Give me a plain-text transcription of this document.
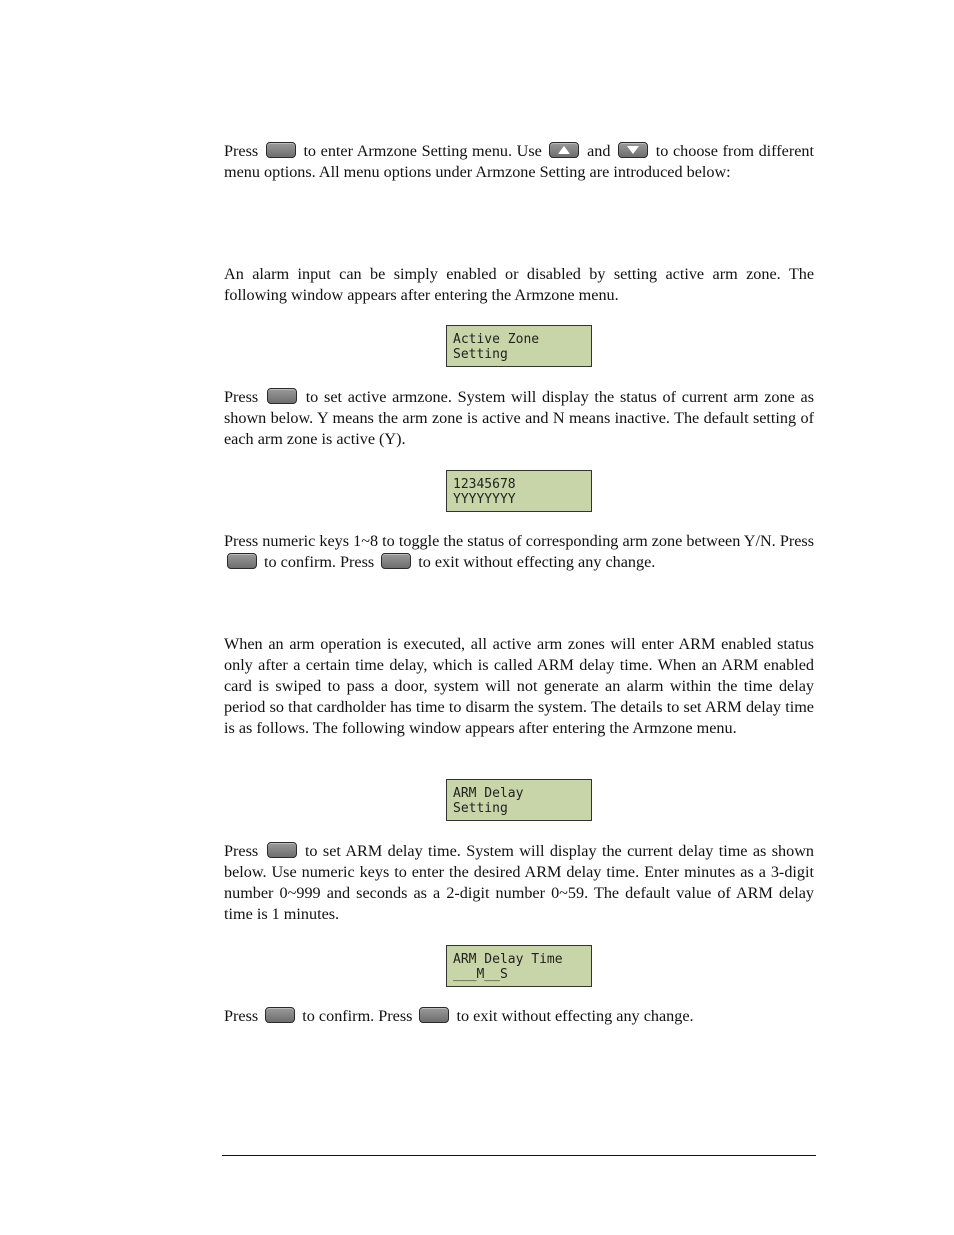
Press	to enter Armzone Setting menu. Use	and	to choose from different menu options. All menu options under Armzone Setting are introduced below:

An alarm input can be simply enabled or disabled by setting active arm zone. The following window appears after entering the Armzone menu.

Active Zone
Setting

Press	to set active armzone. System will display the status of current arm zone as shown below. Y means the arm zone is active and N means inactive. The default setting of each arm zone is active (Y).

12345678
YYYYYYYY

Press numeric keys 1~8 to toggle the status of corresponding arm zone between Y/N. Press  to confirm. Press	to exit without effecting any change.

When an arm operation is executed, all active arm zones will enter ARM enabled status only after a certain time delay, which is called ARM delay time. When an ARM enabled card is swiped to pass a door, system will not generate an alarm within the time delay period so that cardholder has time to disarm the system. The details to set ARM delay time is as follows. The following window appears after entering the Armzone menu.

ARM Delay
Setting

Press	to set ARM delay time. System will display the current delay time as shown below. Use numeric keys to enter the desired ARM delay time. Enter minutes as a 3-digit number 0~999 and seconds as a 2-digit number 0~59. The default value of ARM delay time is 1 minutes.

ARM Delay Time
___M__S

Press	to confirm. Press	to exit without effecting any change.
